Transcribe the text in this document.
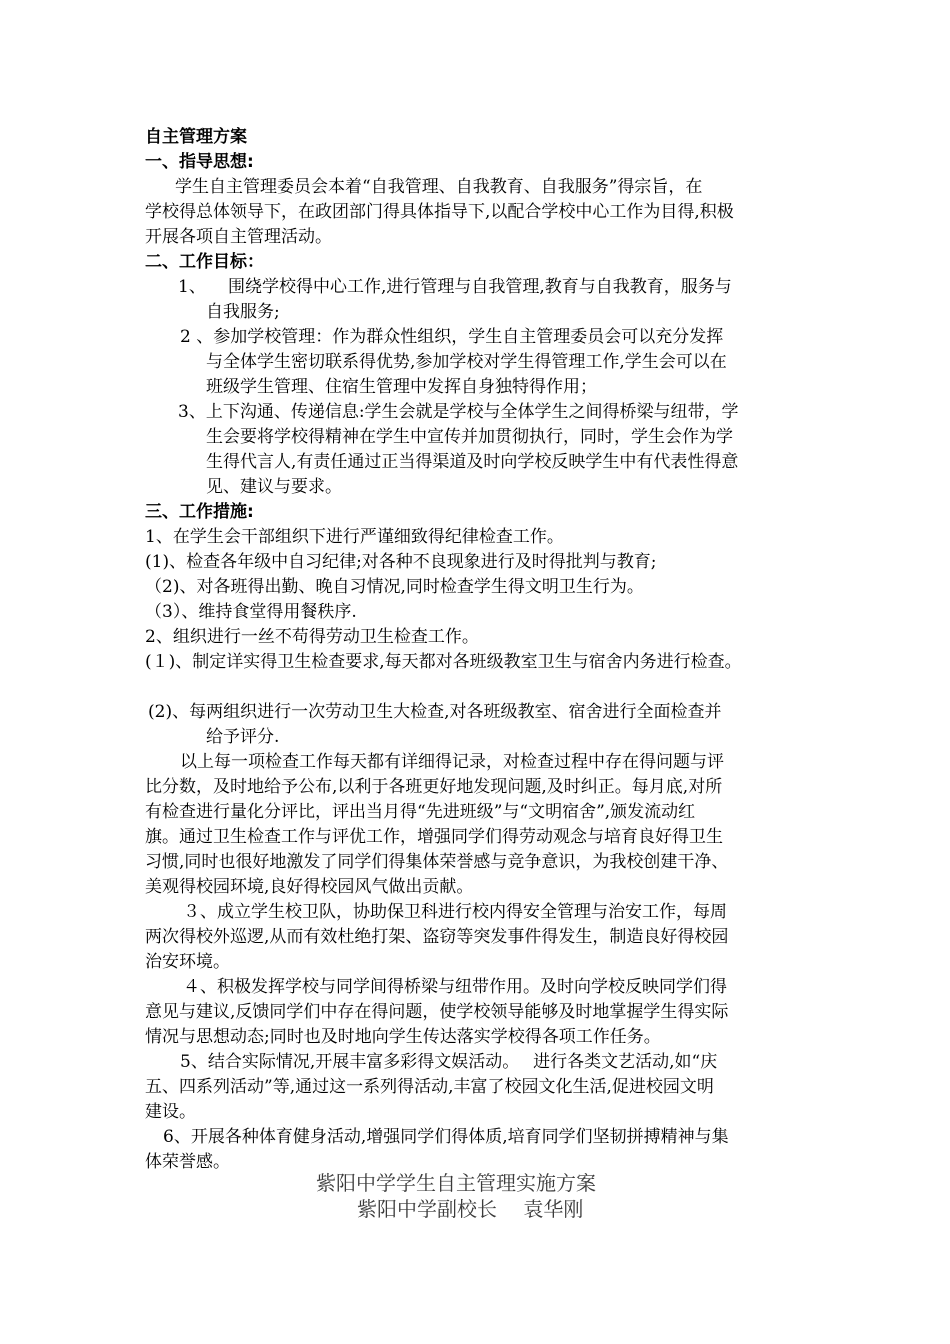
自主管理方案
一、指导思想:
学生自主管理委员会本着“自我管理、自我教育、自我服务”得宗旨，在
学校得总体领导下，在政团部门得具体指导下,以配合学校中心工作为目得,积极
开展各项自主管理活动。
二、工作目标：
1、 围绕学校得中心工作,进行管理与自我管理,教育与自我教育，服务与
自我服务;
2 、参加学校管理：作为群众性组织，学生自主管理委员会可以充分发挥
与全体学生密切联系得优势,参加学校对学生得管理工作,学生会可以在
班级学生管理、住宿生管理中发挥自身独特得作用；
3、上下沟通、传递信息:学生会就是学校与全体学生之间得桥梁与纽带，学
生会要将学校得精神在学生中宣传并加贯彻执行，同时，学生会作为学
生得代言人,有责任通过正当得渠道及时向学校反映学生中有代表性得意
见、建议与要求。
三、工作措施:
1、在学生会干部组织下进行严谨细致得纪律检查工作。
(1)、检查各年级中自习纪律;对各种不良现象进行及时得批判与教育;
（2)、对各班得出勤、晚自习情况,同时检查学生得文明卫生行为。
（3）、维持食堂得用餐秩序.
2、组织进行一丝不苟得劳动卫生检查工作。
(１)、制定详实得卫生检查要求,每天都对各班级教室卫生与宿舍内务进行检查。
(2)、每两组织进行一次劳动卫生大检查,对各班级教室、宿舍进行全面检查并
给予评分.
以上每一项检查工作每天都有详细得记录，对检查过程中存在得问题与评
比分数，及时地给予公布,以利于各班更好地发现问题,及时纠正。每月底,对所
有检查进行量化分评比，评出当月得“先进班级”与“文明宿舍”,颁发流动红
旗。通过卫生检查工作与评优工作，增强同学们得劳动观念与培育良好得卫生
习惯,同时也很好地激发了同学们得集体荣誉感与竞争意识，为我校创建干净、
美观得校园环境,良好得校园风气做出贡献。
３、成立学生校卫队，协助保卫科进行校内得安全管理与治安工作，每周
两次得校外巡逻,从而有效杜绝打架、盗窃等突发事件得发生，制造良好得校园
治安环境。
４、积极发挥学校与同学间得桥梁与纽带作用。及时向学校反映同学们得
意见与建议,反馈同学们中存在得问题，使学校领导能够及时地掌握学生得实际
情况与思想动态;同时也及时地向学生传达落实学校得各项工作任务。
5、结合实际情况,开展丰富多彩得文娱活动。　 进行各类文艺活动,如“庆
五、四系列活动”等,通过这一系列得活动,丰富了校园文化生活,促进校园文明
建设。
6、开展各种体育健身活动,增强同学们得体质,培育同学们坚韧拼搏精神与集
体荣誉感。
紫阳中学学生自主管理实施方案
紫阳中学副校长　 袁华刚
